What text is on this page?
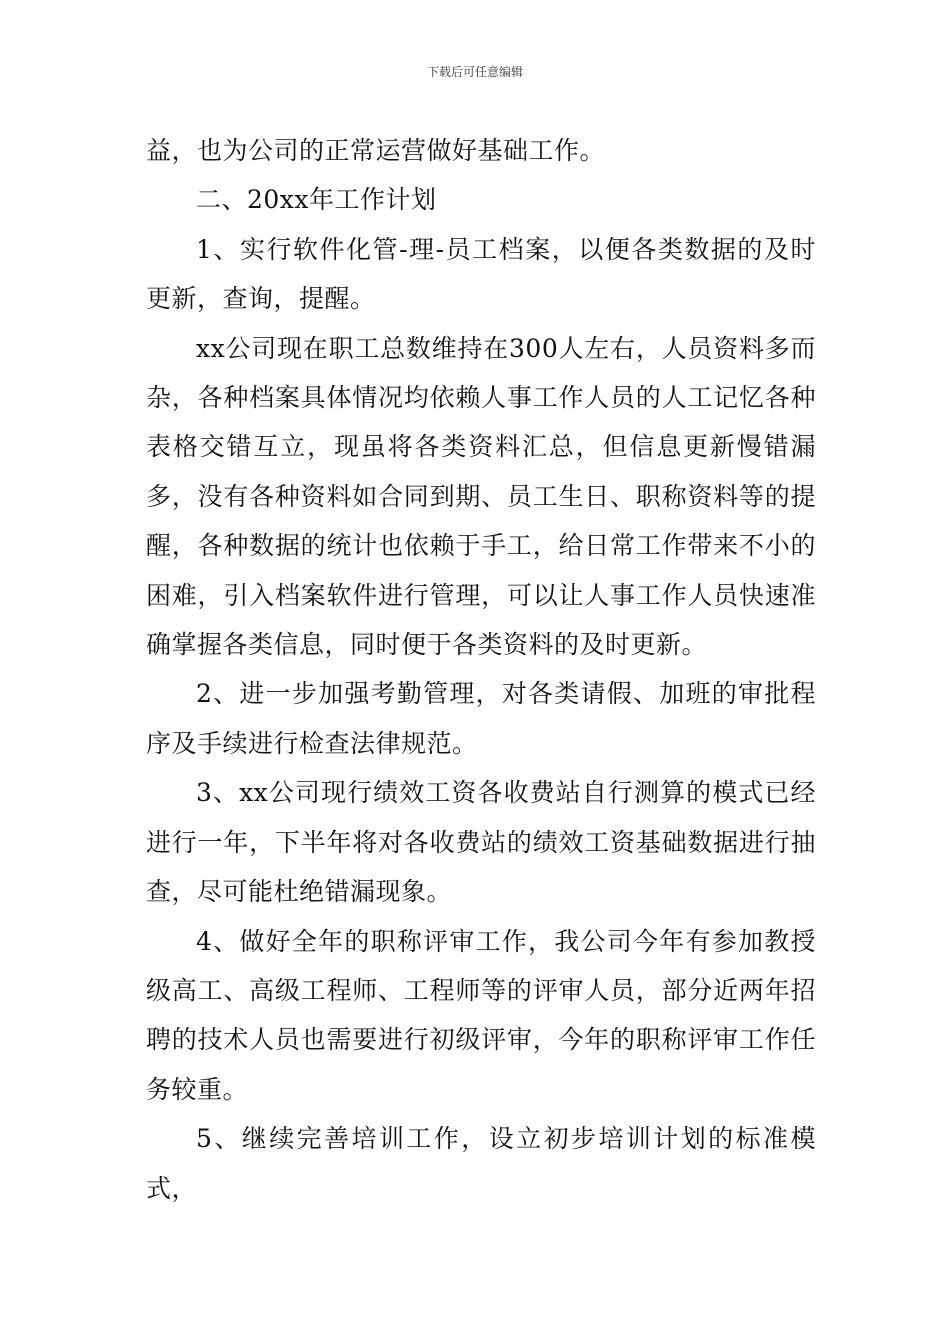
下载后可任意编辑

益，也为公司的正常运营做好基础工作。

二、20xx年工作计划

1、实行软件化管-理-员工档案，以便各类数据的及时更新，查询，提醒。

xx公司现在职工总数维持在300人左右，人员资料多而杂，各种档案具体情况均依赖人事工作人员的人工记忆各种表格交错互立，现虽将各类资料汇总，但信息更新慢错漏多，没有各种资料如合同到期、员工生日、职称资料等的提醒，各种数据的统计也依赖于手工，给日常工作带来不小的困难，引入档案软件进行管理，可以让人事工作人员快速准确掌握各类信息，同时便于各类资料的及时更新。

2、进一步加强考勤管理，对各类请假、加班的审批程序及手续进行检查法律规范。

3、xx公司现行绩效工资各收费站自行测算的模式已经进行一年，下半年将对各收费站的绩效工资基础数据进行抽查，尽可能杜绝错漏现象。

4、做好全年的职称评审工作，我公司今年有参加教授级高工、高级工程师、工程师等的评审人员，部分近两年招聘的技术人员也需要进行初级评审，今年的职称评审工作任务较重。

5、继续完善培训工作，设立初步培训计划的标准模式，
